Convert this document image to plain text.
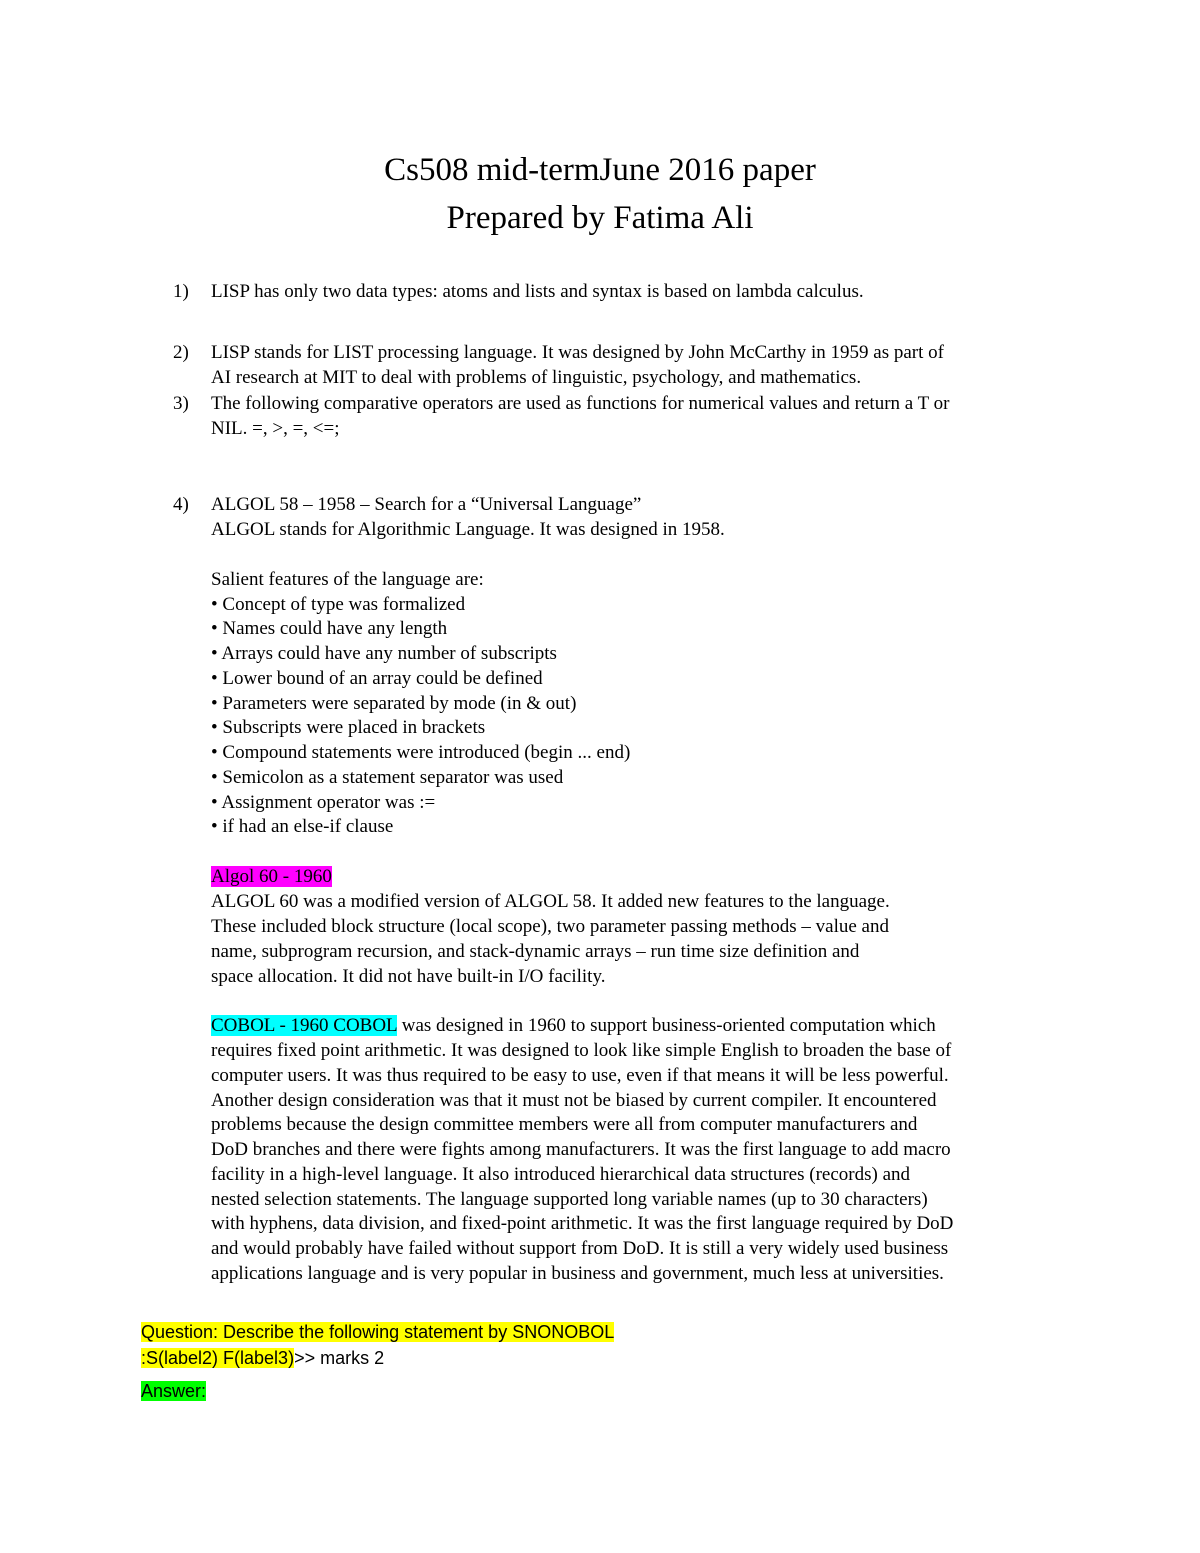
Cs508 mid-termJune 2016 paper
Prepared by Fatima Ali
1) LISP has only two data types: atoms and lists and syntax is based on lambda calculus.
2) LISP stands for LIST processing language. It was designed by John McCarthy in 1959 as part of
AI research at MIT to deal with problems of linguistic, psychology, and mathematics.
3) The following comparative operators are used as functions for numerical values and return a T or
NIL. =, >, =, <=;
4) ALGOL 58 – 1958 – Search for a “Universal Language”
ALGOL stands for Algorithmic Language. It was designed in 1958.
Salient features of the language are:
• Concept of type was formalized
• Names could have any length
• Arrays could have any number of subscripts
• Lower bound of an array could be defined
• Parameters were separated by mode (in & out)
• Subscripts were placed in brackets
• Compound statements were introduced (begin ... end)
• Semicolon as a statement separator was used
• Assignment operator was :=
• if had an else-if clause
Algol 60 - 1960
ALGOL 60 was a modified version of ALGOL 58. It added new features to the language.
These included block structure (local scope), two parameter passing methods – value and
name, subprogram recursion, and stack-dynamic arrays – run time size definition and
space allocation. It did not have built-in I/O facility.
COBOL - 1960 COBOL was designed in 1960 to support business-oriented computation which
requires fixed point arithmetic. It was designed to look like simple English to broaden the base of
computer users. It was thus required to be easy to use, even if that means it will be less powerful.
Another design consideration was that it must not be biased by current compiler. It encountered
problems because the design committee members were all from computer manufacturers and
DoD branches and there were fights among manufacturers. It was the first language to add macro
facility in a high-level language. It also introduced hierarchical data structures (records) and
nested selection statements. The language supported long variable names (up to 30 characters)
with hyphens, data division, and fixed-point arithmetic. It was the first language required by DoD
and would probably have failed without support from DoD. It is still a very widely used business
applications language and is very popular in business and government, much less at universities.
Question: Describe the following statement by SNONOBOL
:S(label2) F(label3)>> marks 2
Answer:
